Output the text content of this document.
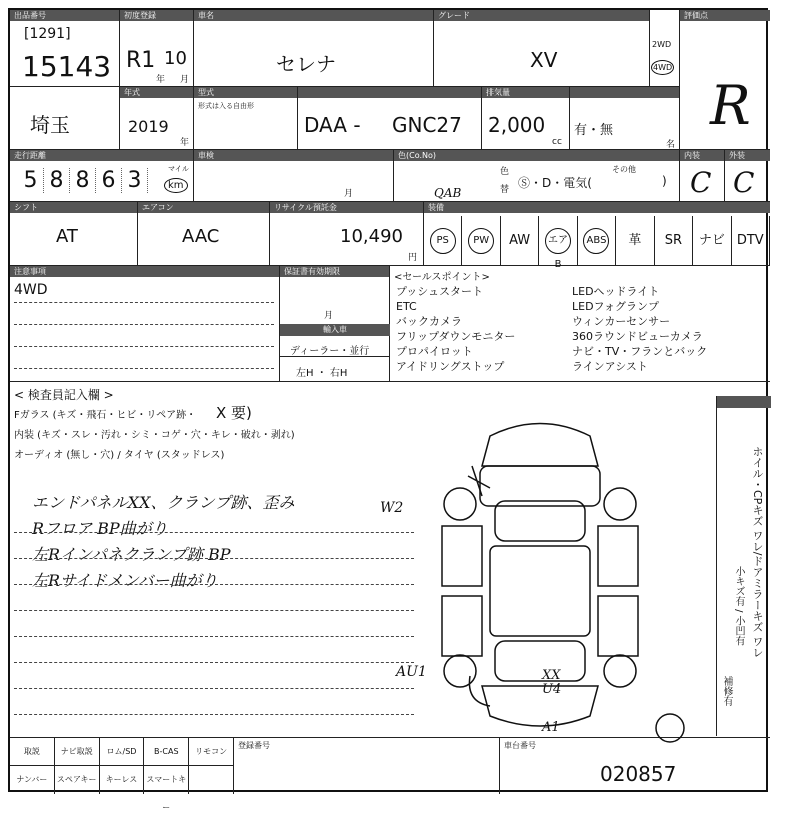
出品番号
[1291]
15143
初度登録
R1 10
年 月
車名
セレナ
グレード
XV
2WD
4WD
評価点
R
登録番号
埼玉
年式
2019
年
型式
形式は入る自由形
DAA - GNC27
排気量
2,000
cc
有・無
名
走行距離
5 8 8 6 3	マイル
km
車検
月
色(Co.No)
QAB
色
替 Ⓢ・D・電気(
その他
)
内装
C
外装
C
シフト
AT
エアコン
AAC
リサイクル預託金
10,490
円
装備
PS	PW	AW	エアB
ABS	革	SR	ナビ DTV
注意事項
4WD
保証書有効期限
月
輸入車
ディーラー・並行
左H ・ 右H
<セールスポイント>
プッシュスタート
ETC
バックカメラ
フリップダウンモニター
プロパイロット
アイドリングストップ
LEDヘッドライト
LEDフォグランプ
ウィンカーセンサー
360ラウンドビューカメラ
ナビ・TV・フランとバック
ラインアシスト
< 検査員記入欄 >
Fガラス (キズ・飛石・ヒビ・リペア跡・ X 要)
内装 (キズ・スレ・汚れ・シミ・コゲ・穴・キレ・破れ・剥れ)
オーディオ (無し・穴) / タイヤ (スタッドレス)
エンドパネルXX、クランプ跡、歪み
Rフロア BP曲がり
左Rインパネクランプ跡 BP
左Rサイドメンバー曲がり
W2
AU1	XX
U4
A1
ホイル・CPキズ ワレ/ドアミラーキズ ワレ
小キズ有 / 小凹有
補修有
取説	ナビ取説	ロム/SD	B-CAS	リモコン
ナンバー	スペアキー	キーレス	スマートキー
登録番号	車台番号
020857
